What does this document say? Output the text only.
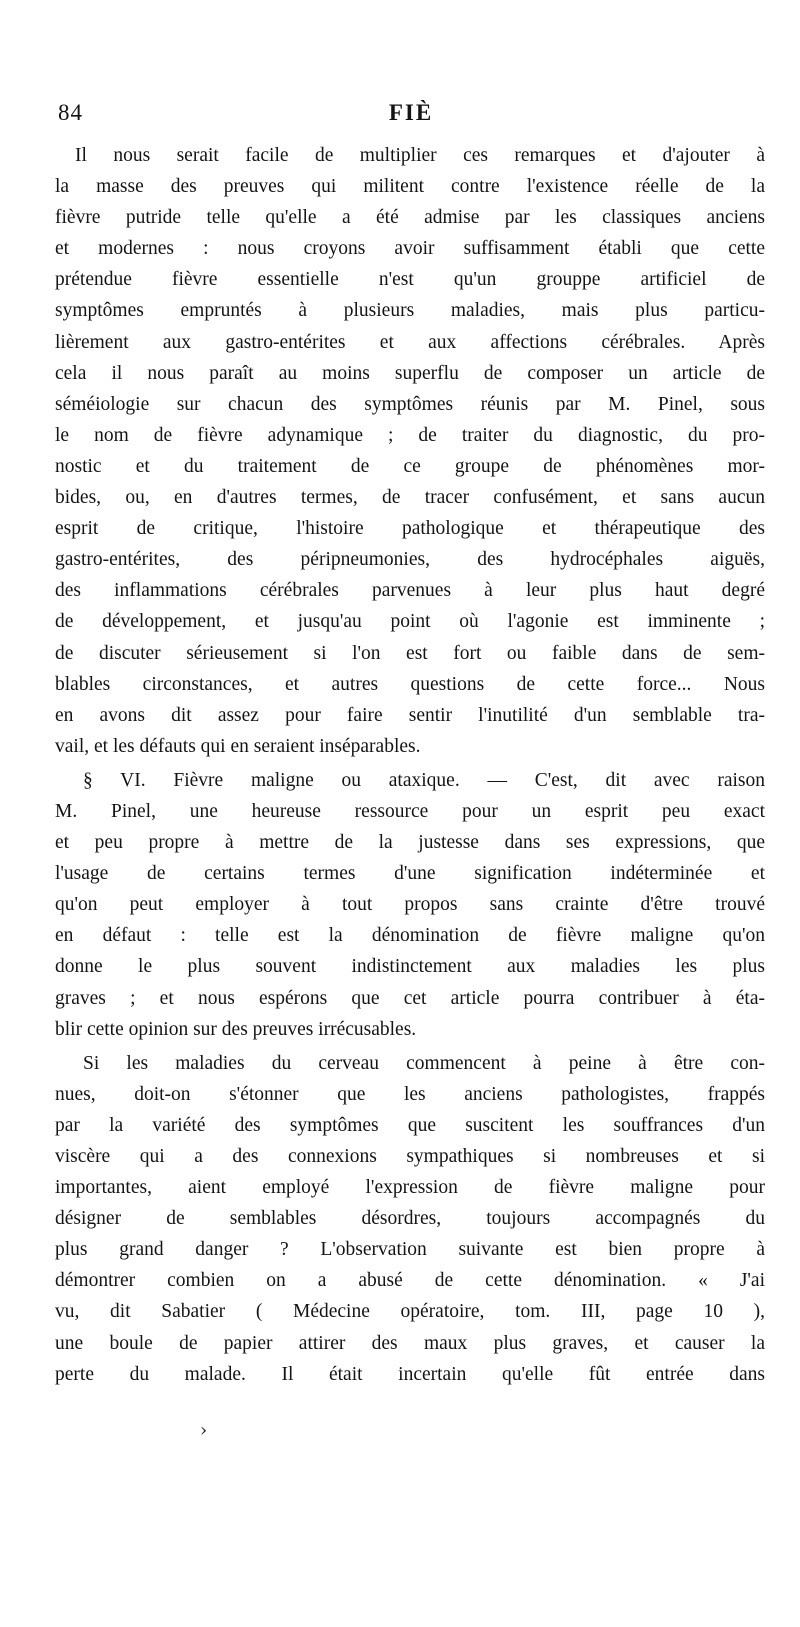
84	FIÈ
Il nous serait facile de multiplier ces remarques et d'ajouter à
la masse des preuves qui militent contre l'existence réelle de la
fièvre putride telle qu'elle a été admise par les classiques anciens
et modernes : nous croyons avoir suffisamment établi que cette
prétendue fièvre essentielle n'est qu'un grouppe artificiel de
symptômes empruntés à plusieurs maladies, mais plus particu-
lièrement aux gastro-entérites et aux affections cérébrales. Après
cela il nous paraît au moins superflu de composer un article de
séméiologie sur chacun des symptômes réunis par M. Pinel, sous
le nom de fièvre adynamique ; de traiter du diagnostic, du pro-
nostic et du traitement de ce groupe de phénomènes mor-
bides, ou, en d'autres termes, de tracer confusément, et sans aucun
esprit de critique, l'histoire pathologique et thérapeutique des
gastro-entérites, des péripneumonies, des hydrocéphales aiguës,
des inflammations cérébrales parvenues à leur plus haut degré
de développement, et jusqu'au point où l'agonie est imminente ;
de discuter sérieusement si l'on est fort ou faible dans de sem-
blables circonstances, et autres questions de cette force... Nous
en avons dit assez pour faire sentir l'inutilité d'un semblable tra-
vail, et les défauts qui en seraient inséparables.
§ VI. Fièvre maligne ou ataxique. — C'est, dit avec raison
M. Pinel, une heureuse ressource pour un esprit peu exact
et peu propre à mettre de la justesse dans ses expressions, que
l'usage de certains termes d'une signification indéterminée et
qu'on peut employer à tout propos sans crainte d'être trouvé
en défaut : telle est la dénomination de fièvre maligne qu'on
donne le plus souvent indistinctement aux maladies les plus
graves ; et nous espérons que cet article pourra contribuer à éta-
blir cette opinion sur des preuves irrécusables.
Si les maladies du cerveau commencent à peine à être con-
nues, doit-on s'étonner que les anciens pathologistes, frappés
par la variété des symptômes que suscitent les souffrances d'un
viscère qui a des connexions sympathiques si nombreuses et si
importantes, aient employé l'expression de fièvre maligne pour
désigner de semblables désordres, toujours accompagnés du
plus grand danger ? L'observation suivante est bien propre à
démontrer combien on a abusé de cette dénomination. « J'ai
vu, dit Sabatier ( Médecine opératoire, tom. III, page 10 ),
une boule de papier attirer des maux plus graves, et causer la
perte du malade. Il était incertain qu'elle fût entrée dans
›
